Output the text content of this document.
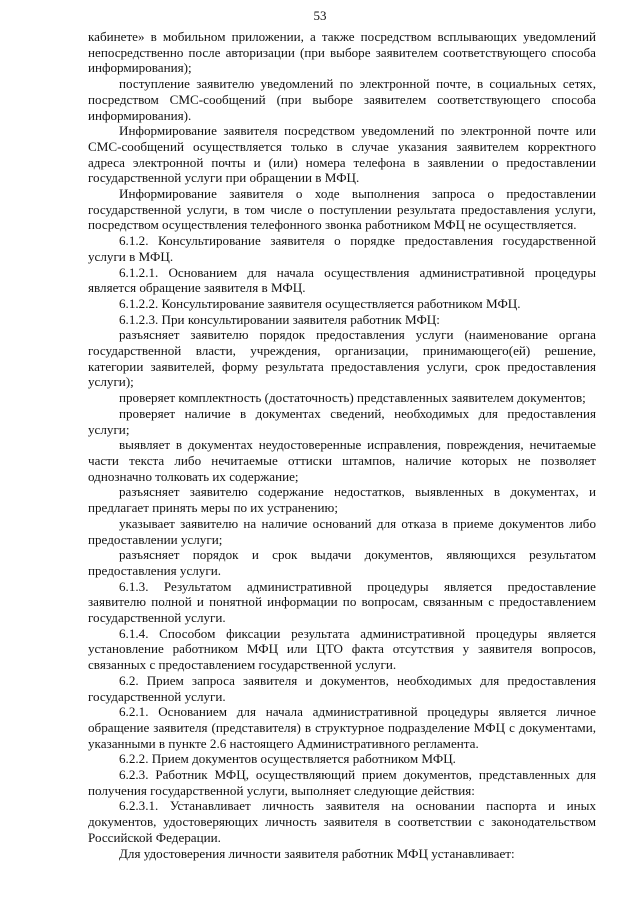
53

кабинете» в мобильном приложении, а также посредством всплывающих уведомлений непосредственно после авторизации (при выборе заявителем соответствующего способа информирования);

поступление заявителю уведомлений по электронной почте, в социальных сетях, посредством СМС-сообщений (при выборе заявителем соответствующего способа информирования).

Информирование заявителя посредством уведомлений по электронной почте или СМС-сообщений осуществляется только в случае указания заявителем корректного адреса электронной почты и (или) номера телефона в заявлении о предоставлении государственной услуги при обращении в МФЦ.

Информирование заявителя о ходе выполнения запроса о предоставлении государственной услуги, в том числе о поступлении результата предоставления услуги, посредством осуществления телефонного звонка работником МФЦ не осуществляется.

6.1.2. Консультирование заявителя о порядке предоставления государственной услуги в МФЦ.

6.1.2.1. Основанием для начала осуществления административной процедуры является обращение заявителя в МФЦ.

6.1.2.2. Консультирование заявителя осуществляется работником МФЦ.

6.1.2.3. При консультировании заявителя работник МФЦ:

разъясняет заявителю порядок предоставления услуги (наименование органа государственной власти, учреждения, организации, принимающего(ей) решение, категории заявителей, форму результата предоставления услуги, срок предоставления услуги);

проверяет комплектность (достаточность) представленных заявителем документов;

проверяет наличие в документах сведений, необходимых для предоставления услуги;

выявляет в документах неудостоверенные исправления, повреждения, нечитаемые части текста либо нечитаемые оттиски штампов, наличие которых не позволяет однозначно толковать их содержание;

разъясняет заявителю содержание недостатков, выявленных в документах, и предлагает принять меры по их устранению;

указывает заявителю на наличие оснований для отказа в приеме документов либо предоставлении услуги;

разъясняет порядок и срок выдачи документов, являющихся результатом предоставления услуги.

6.1.3. Результатом административной процедуры является предоставление заявителю полной и понятной информации по вопросам, связанным с предоставлением государственной услуги.

6.1.4. Способом фиксации результата административной процедуры является установление работником МФЦ или ЦТО факта отсутствия у заявителя вопросов, связанных с предоставлением государственной услуги.

6.2. Прием запроса заявителя и документов, необходимых для предоставления государственной услуги.

6.2.1. Основанием для начала административной процедуры является личное обращение заявителя (представителя) в структурное подразделение МФЦ с документами, указанными в пункте 2.6 настоящего Административного регламента.

6.2.2. Прием документов осуществляется работником МФЦ.

6.2.3. Работник МФЦ, осуществляющий прием документов, представленных для получения государственной услуги, выполняет следующие действия:

6.2.3.1. Устанавливает личность заявителя на основании паспорта и иных документов, удостоверяющих личность заявителя в соответствии с законодательством Российской Федерации.

Для удостоверения личности заявителя работник МФЦ устанавливает:
